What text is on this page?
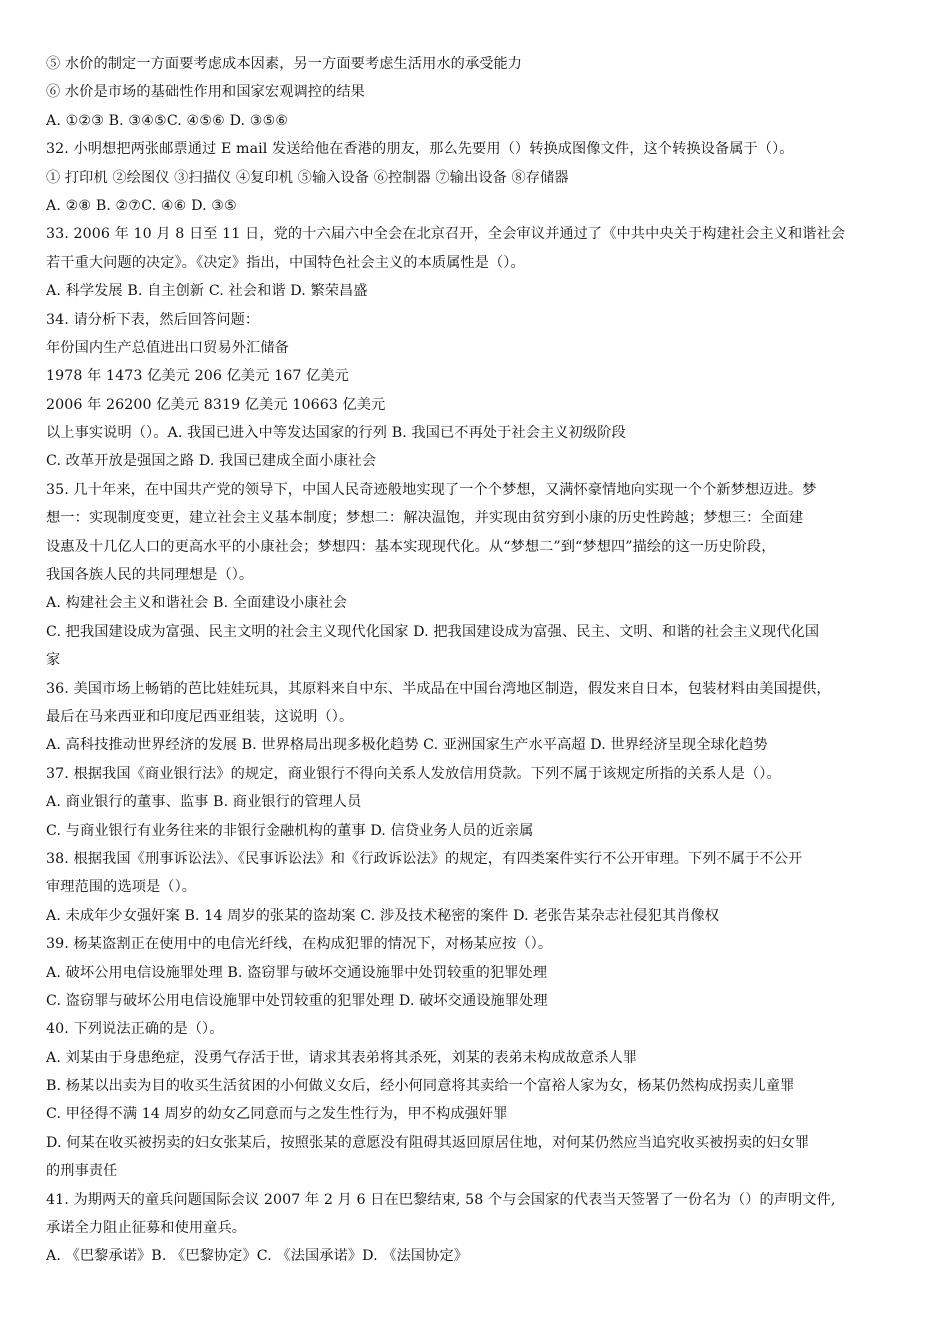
⑤ 水价的制定一方面要考虑成本因素，另一方面要考虑生活用水的承受能力
⑥ 水价是市场的基础性作用和国家宏观调控的结果
A. ①②③ B. ③④⑤C. ④⑤⑥ D. ③⑤⑥
32. 小明想把两张邮票通过 E mail 发送给他在香港的朋友，那么先要用（）转换成图像文件，这个转换设备属于（）。
① 打印机 ②绘图仪 ③扫描仪 ④复印机 ⑤输入设备 ⑥控制器 ⑦输出设备 ⑧存储器
A. ②⑧ B. ②⑦C. ④⑥ D. ③⑤
33. 2006 年 10 月 8 日至 11 日，党的十六届六中全会在北京召开，全会审议并通过了《中共中央关于构建社会主义和谐社会
若干重大问题的决定》。《决定》指出，中国特色社会主义的本质属性是（）。
A. 科学发展 B. 自主创新 C. 社会和谐 D. 繁荣昌盛
34. 请分析下表，然后回答问题：
年份国内生产总值进出口贸易外汇储备
1978 年 1473 亿美元 206 亿美元 167 亿美元
2006 年 26200 亿美元 8319 亿美元 10663 亿美元
以上事实说明（）。A. 我国已进入中等发达国家的行列 B. 我国已不再处于社会主义初级阶段
C. 改革开放是强国之路 D. 我国已建成全面小康社会
35. 几十年来，在中国共产党的领导下，中国人民奇迹般地实现了一个个梦想，又满怀豪情地向实现一个个新梦想迈进。梦
想一：实现制度变更，建立社会主义基本制度；梦想二：解决温饱，并实现由贫穷到小康的历史性跨越；梦想三：全面建
设惠及十几亿人口的更高水平的小康社会；梦想四：基本实现现代化。从“梦想二”到“梦想四”描绘的这一历史阶段，
我国各族人民的共同理想是（）。
A. 构建社会主义和谐社会 B. 全面建设小康社会
C. 把我国建设成为富强、民主文明的社会主义现代化国家 D. 把我国建设成为富强、民主、文明、和谐的社会主义现代化国
家
36. 美国市场上畅销的芭比娃娃玩具，其原料来自中东、半成品在中国台湾地区制造，假发来自日本，包装材料由美国提供，
最后在马来西亚和印度尼西亚组装，这说明（）。
A. 高科技推动世界经济的发展 B. 世界格局出现多极化趋势 C. 亚洲国家生产水平高超 D. 世界经济呈现全球化趋势
37. 根据我国《商业银行法》的规定，商业银行不得向关系人发放信用贷款。下列不属于该规定所指的关系人是（）。
A. 商业银行的董事、监事 B. 商业银行的管理人员
C. 与商业银行有业务往来的非银行金融机构的董事 D. 信贷业务人员的近亲属
38. 根据我国《刑事诉讼法》、《民事诉讼法》和《行政诉讼法》的规定，有四类案件实行不公开审理。下列不属于不公开
审理范围的选项是（）。
A. 未成年少女强奸案 B. 14 周岁的张某的盗劫案 C. 涉及技术秘密的案件 D. 老张告某杂志社侵犯其肖像权
39. 杨某盗割正在使用中的电信光纤线，在构成犯罪的情况下，对杨某应按（）。
A. 破坏公用电信设施罪处理 B. 盗窃罪与破坏交通设施罪中处罚较重的犯罪处理
C. 盗窃罪与破坏公用电信设施罪中处罚较重的犯罪处理 D. 破坏交通设施罪处理
40. 下列说法正确的是（）。
A. 刘某由于身患绝症，没勇气存活于世，请求其表弟将其杀死，刘某的表弟未构成故意杀人罪
B. 杨某以出卖为目的收买生活贫困的小何做义女后，经小何同意将其卖给一个富裕人家为女，杨某仍然构成拐卖儿童罪
C. 甲径得不满 14 周岁的幼女乙同意而与之发生性行为，甲不构成强奸罪
D. 何某在收买被拐卖的妇女张某后，按照张某的意愿没有阻碍其返回原居住地，对何某仍然应当追究收买被拐卖的妇女罪
的刑事责任
41. 为期两天的童兵问题国际会议 2007 年 2 月 6 日在巴黎结束, 58 个与会国家的代表当天签署了一份名为（）的声明文件,
承诺全力阻止征募和使用童兵。
A. 《巴黎承诺》B. 《巴黎协定》C. 《法国承诺》D. 《法国协定》
